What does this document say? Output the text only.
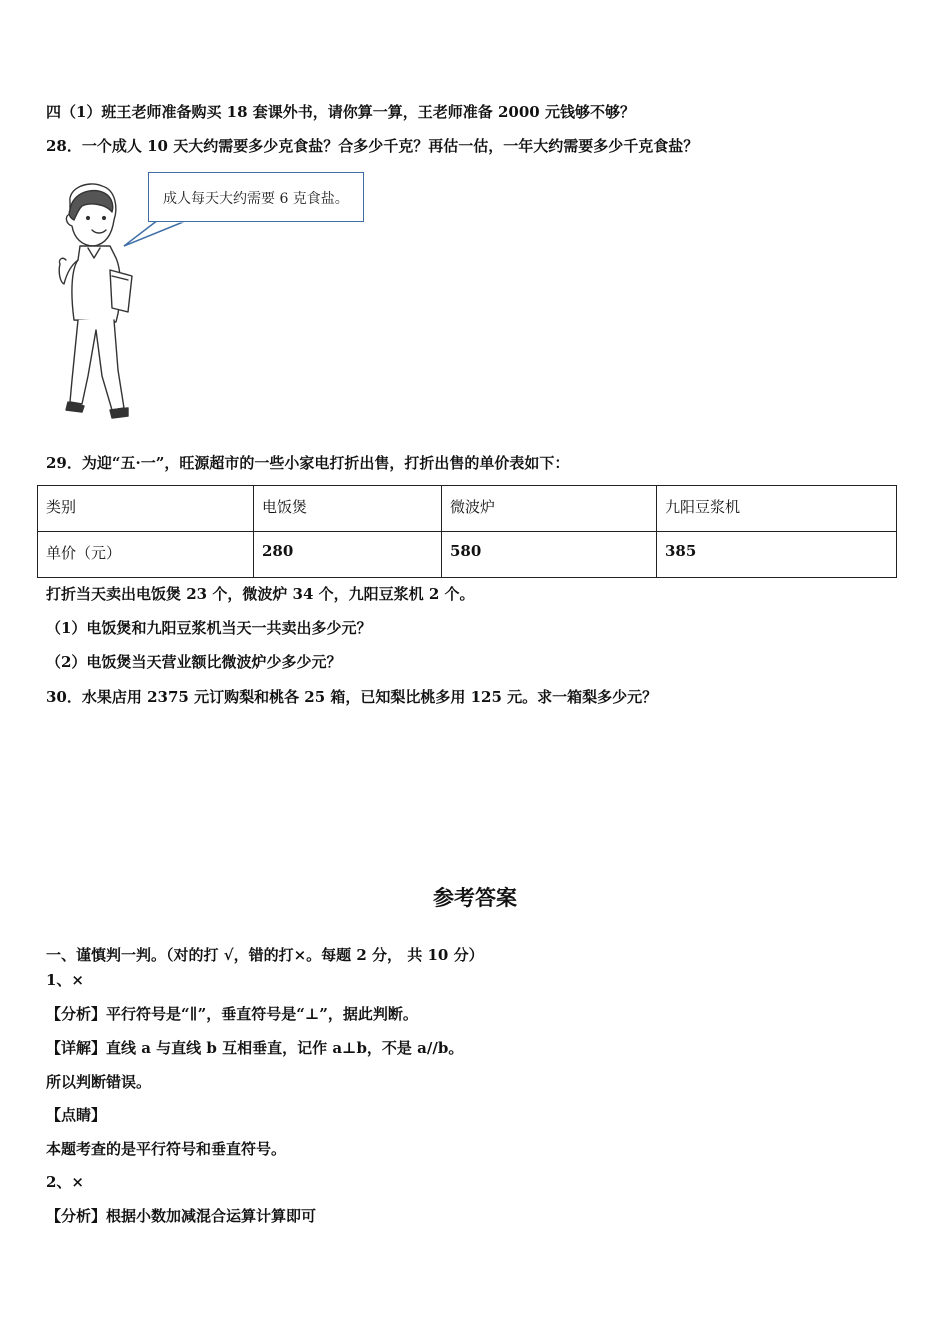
四（1）班王老师准备购买 18 套课外书，请你算一算，王老师准备 2000 元钱够不够？
28．一个成人 10 天大约需要多少克食盐？合多少千克？再估一估，一年大约需要多少千克食盐？
成人每天大约需要 6 克食盐。
29．为迎“五·一”，旺源超市的一些小家电打折出售，打折出售的单价表如下：
类别	电饭煲	微波炉	九阳豆浆机
单价（元）	280	580	385
打折当天卖出电饭煲 23 个，微波炉 34 个，九阳豆浆机 2 个。
（1）电饭煲和九阳豆浆机当天一共卖出多少元？
（2）电饭煲当天营业额比微波炉少多少元？
30．水果店用 2375 元订购梨和桃各 25 箱，已知梨比桃多用 125 元。求一箱梨多少元？
参考答案
一、谨慎判一判。（对的打 √，错的打×。每题 2 分， 共 10 分）
1、×
【分析】平行符号是“∥”，垂直符号是“⊥”，据此判断。
【详解】直线 a 与直线 b 互相垂直，记作 a⊥b，不是 a//b。
所以判断错误。
【点睛】
本题考查的是平行符号和垂直符号。
2、×
【分析】根据小数加减混合运算计算即可
